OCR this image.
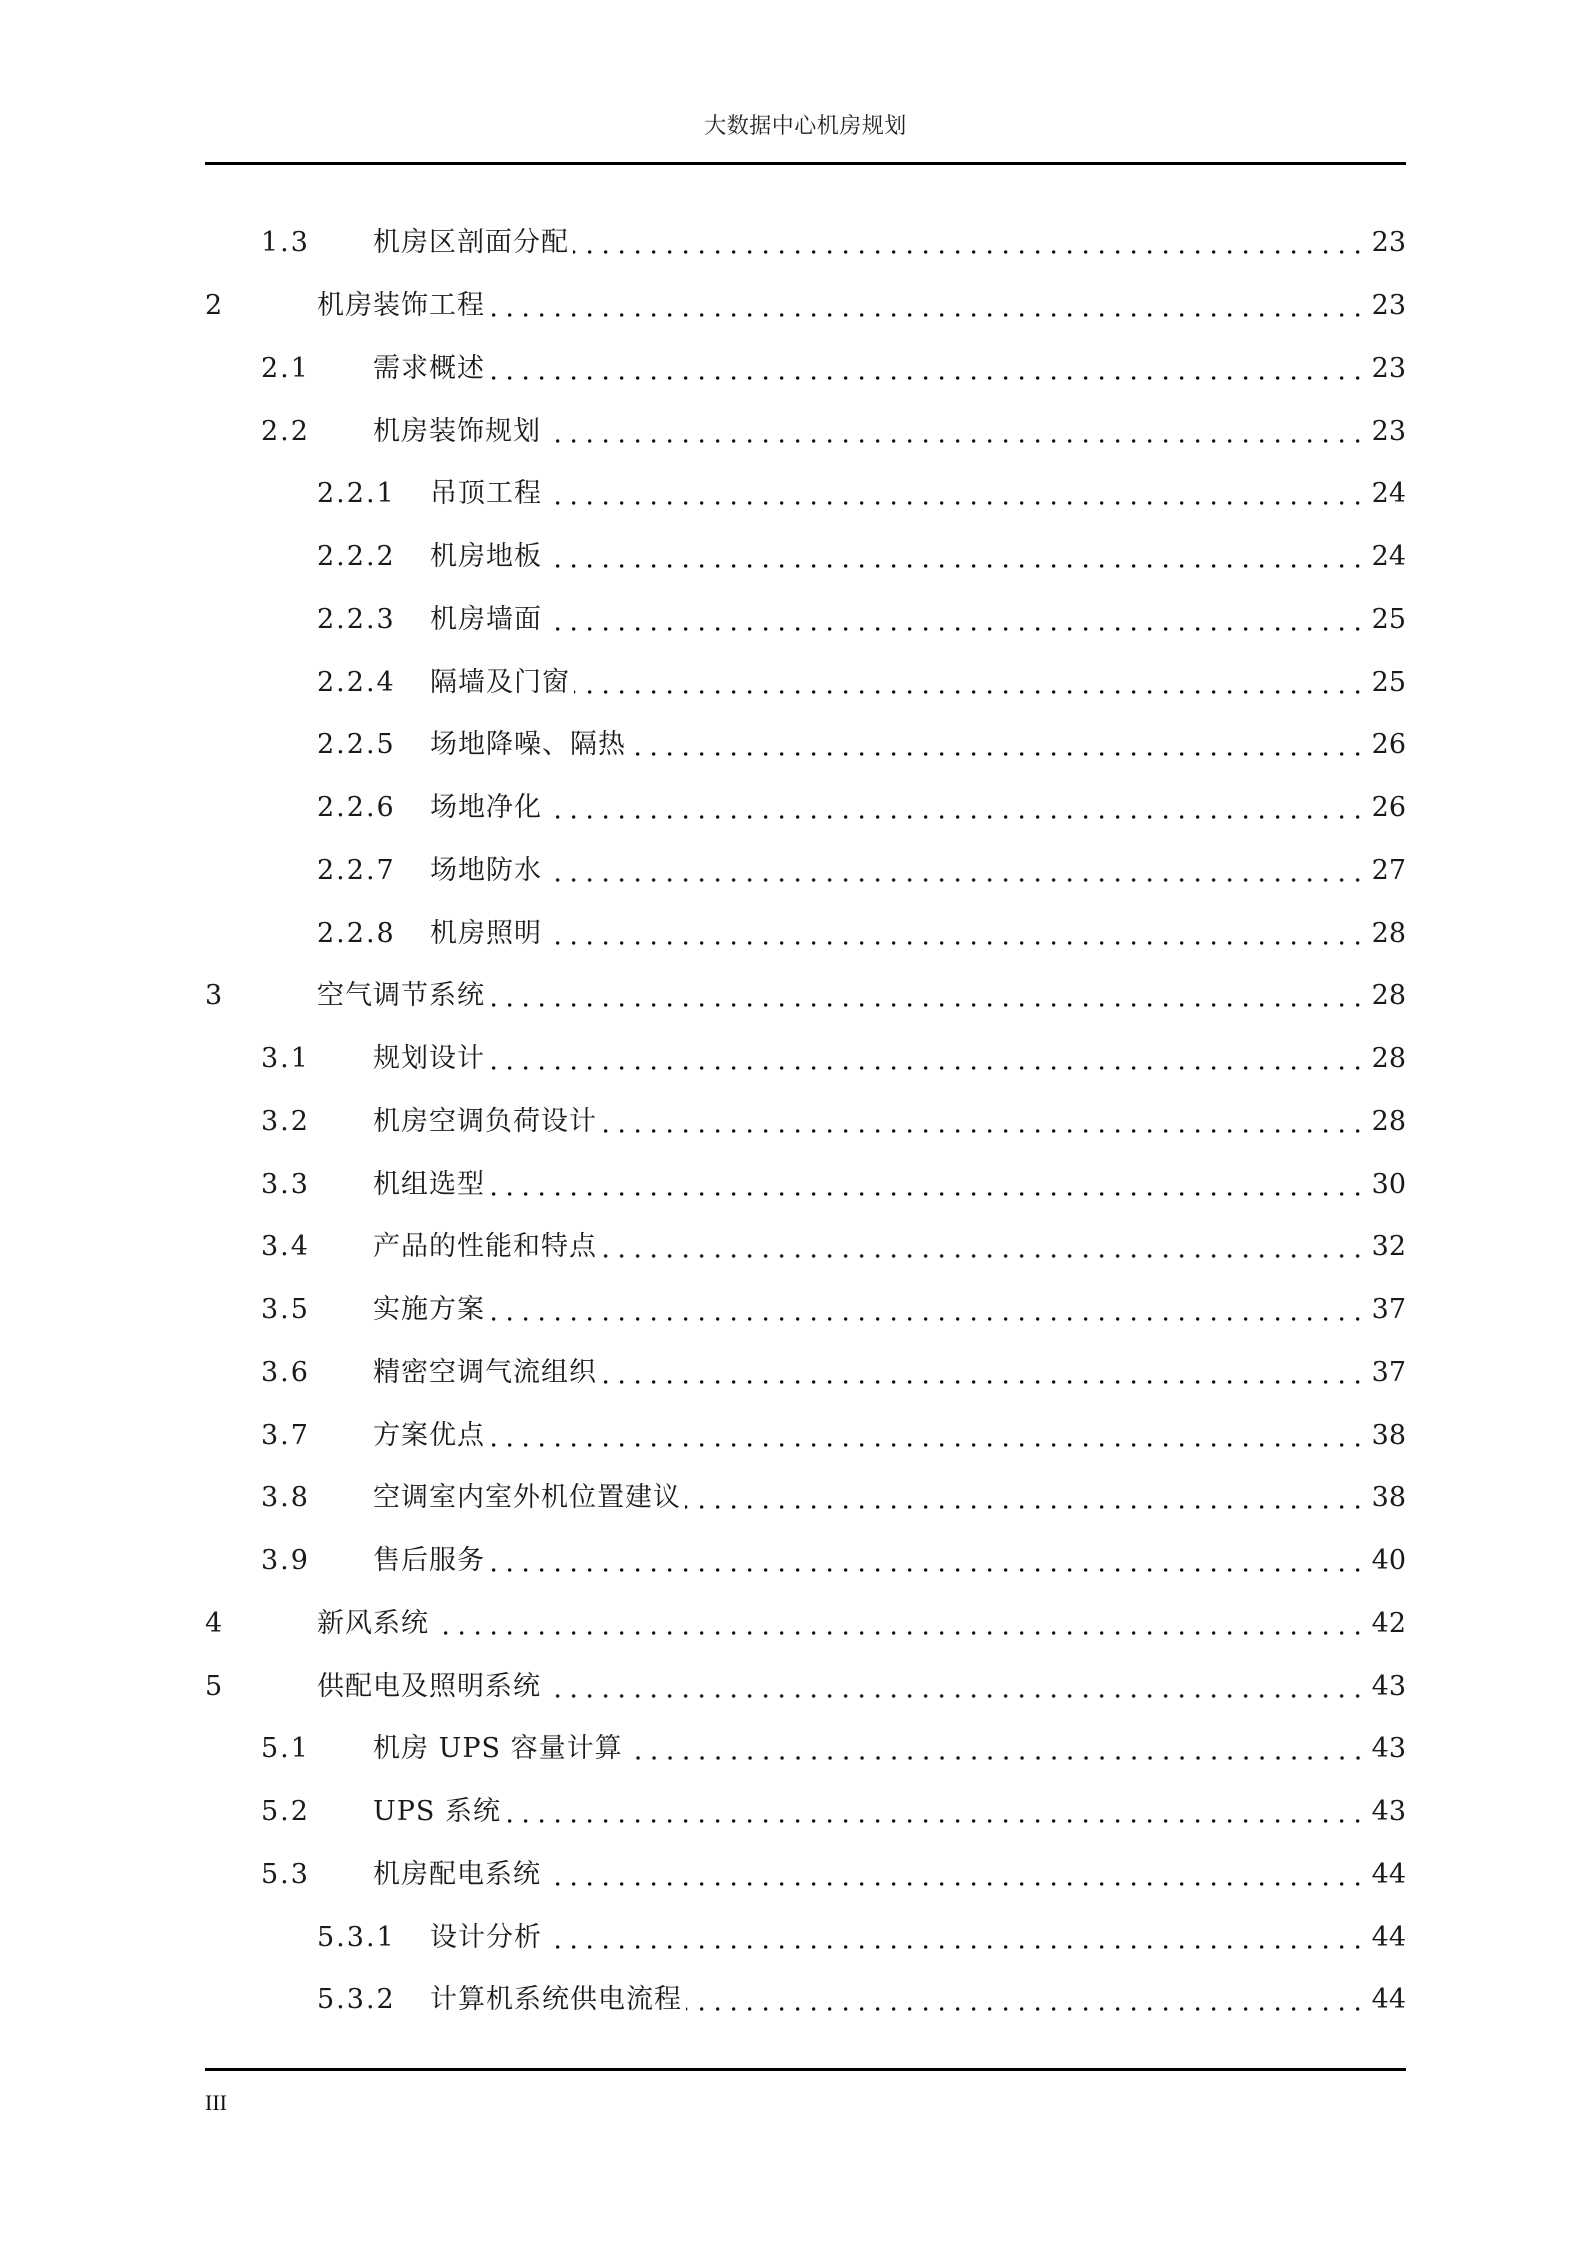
大数据中心机房规划
1.3	机房区剖面分配	23
2	机房装饰工程	23
2.1	需求概述	23
2.2	机房装饰规划	23
2.2.1	吊顶工程	24
2.2.2	机房地板	24
2.2.3	机房墙面	25
2.2.4	隔墙及门窗	25
2.2.5	场地降噪、隔热	26
2.2.6	场地净化	26
2.2.7	场地防水	27
2.2.8	机房照明	28
3	空气调节系统	28
3.1	规划设计	28
3.2	机房空调负荷设计	28
3.3	机组选型	30
3.4	产品的性能和特点	32
3.5	实施方案	37
3.6	精密空调气流组织	37
3.7	方案优点	38
3.8	空调室内室外机位置建议	38
3.9	售后服务	40
4	新风系统	42
5	供配电及照明系统	43
5.1	机房 UPS 容量计算	43
5.2	UPS 系统	43
5.3	机房配电系统	44
5.3.1	设计分析	44
5.3.2	计算机系统供电流程	44
III
